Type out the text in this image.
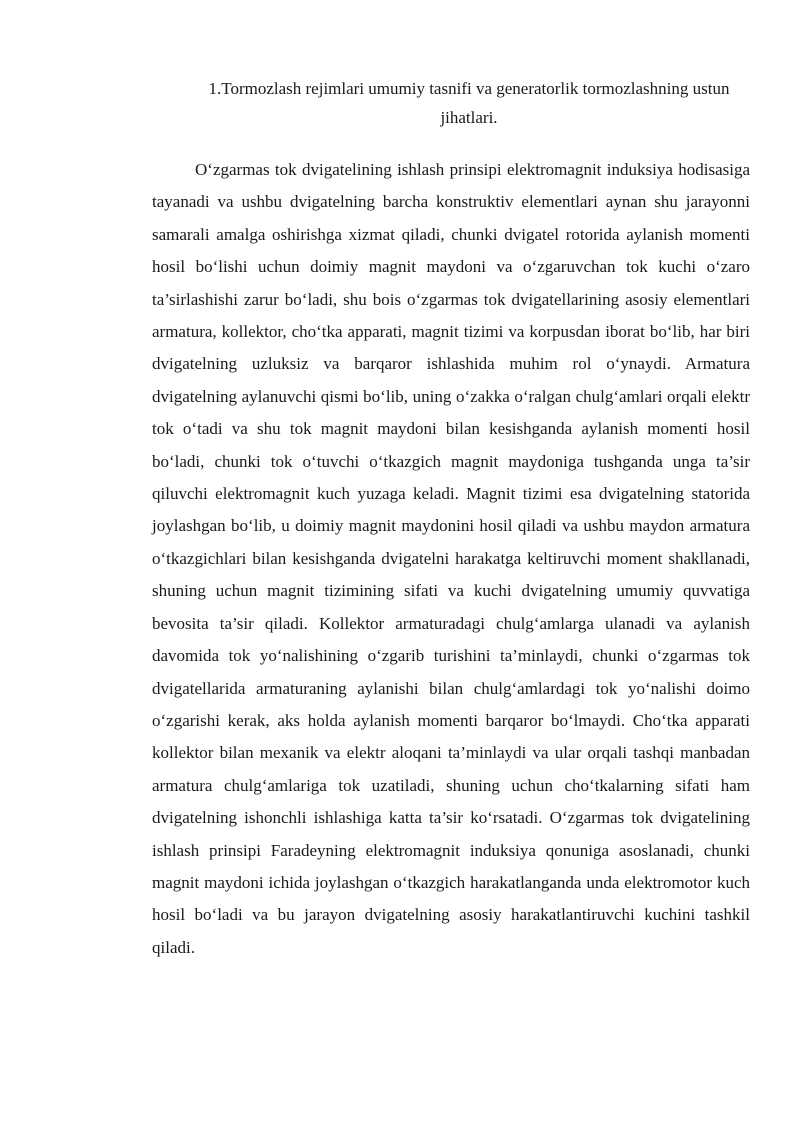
1.Tormozlash rejimlari umumiy tasnifi va generatorlik tormozlashning ustun jihatlari.

O‘zgarmas tok dvigatelining ishlash prinsipi elektromagnit induksiya hodisasiga tayanadi va ushbu dvigatelning barcha konstruktiv elementlari aynan shu jarayonni samarali amalga oshirishga xizmat qiladi, chunki dvigatel rotorida aylanish momenti hosil bo‘lishi uchun doimiy magnit maydoni va o‘zgaruvchan tok kuchi o‘zaro ta’sirlashishi zarur bo‘ladi, shu bois o‘zgarmas tok dvigatellarining asosiy elementlari armatura, kollektor, cho‘tka apparati, magnit tizimi va korpusdan iborat bo‘lib, har biri dvigatelning uzluksiz va barqaror ishlashida muhim rol o‘ynaydi. Armatura dvigatelning aylanuvchi qismi bo‘lib, uning o‘zakka o‘ralgan chulg‘amlari orqali elektr tok o‘tadi va shu tok magnit maydoni bilan kesishganda aylanish momenti hosil bo‘ladi, chunki tok o‘tuvchi o‘tkazgich magnit maydoniga tushganda unga ta’sir qiluvchi elektromagnit kuch yuzaga keladi. Magnit tizimi esa dvigatelning statorida joylashgan bo‘lib, u doimiy magnit maydonini hosil qiladi va ushbu maydon armatura o‘tkazgichlari bilan kesishganda dvigatelni harakatga keltiruvchi moment shakllanadi, shuning uchun magnit tizimining sifati va kuchi dvigatelning umumiy quvvatiga bevosita ta’sir qiladi. Kollektor armaturadagi chulg‘amlarga ulanadi va aylanish davomida tok yo‘nalishining o‘zgarib turishini ta’minlaydi, chunki o‘zgarmas tok dvigatellarida armaturaning aylanishi bilan chulg‘amlardagi tok yo‘nalishi doimo o‘zgarishi kerak, aks holda aylanish momenti barqaror bo‘lmaydi. Cho‘tka apparati kollektor bilan mexanik va elektr aloqani ta’minlaydi va ular orqali tashqi manbadan armatura chulg‘amlariga tok uzatiladi, shuning uchun cho‘tkalarning sifati ham dvigatelning ishonchli ishlashiga katta ta’sir ko‘rsatadi. O‘zgarmas tok dvigatelining ishlash prinsipi Faradeyning elektromagnit induksiya qonuniga asoslanadi, chunki magnit maydoni ichida joylashgan o‘tkazgich harakatlanganda unda elektromotor kuch hosil bo‘ladi va bu jarayon dvigatelning asosiy harakatlantiruvchi kuchini tashkil qiladi.
